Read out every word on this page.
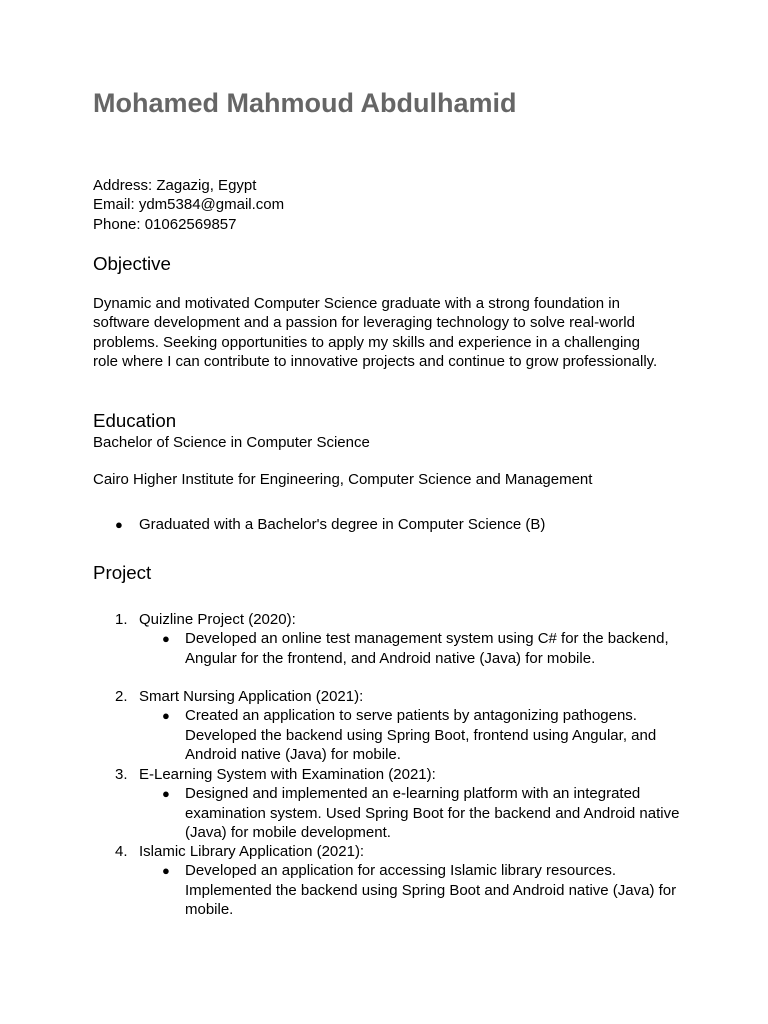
Mohamed Mahmoud Abdulhamid
Address: Zagazig, Egypt
Email: ydm5384@gmail.com
Phone: 01062569857
Objective

Dynamic and motivated Computer Science graduate with a strong foundation in software development and a passion for leveraging technology to solve real-world problems. Seeking opportunities to apply my skills and experience in a challenging role where I can contribute to innovative projects and continue to grow professionally.

Education
Bachelor of Science in Computer Science
Cairo Higher Institute for Engineering, Computer Science and Management
● Graduated with a Bachelor's degree in Computer Science (B)
Project
1. Quizline Project (2020):
● Developed an online test management system using C# for the backend, Angular for the frontend, and Android native (Java) for mobile.

2. Smart Nursing Application (2021):
● Created an application to serve patients by antagonizing pathogens. Developed the backend using Spring Boot, frontend using Angular, and Android native (Java) for mobile.

3. E-Learning System with Examination (2021):
● Designed and implemented an e-learning platform with an integrated examination system. Used Spring Boot for the backend and Android native (Java) for mobile development.

4. Islamic Library Application (2021):
● Developed an application for accessing Islamic library resources. Implemented the backend using Spring Boot and Android native (Java) for mobile.
